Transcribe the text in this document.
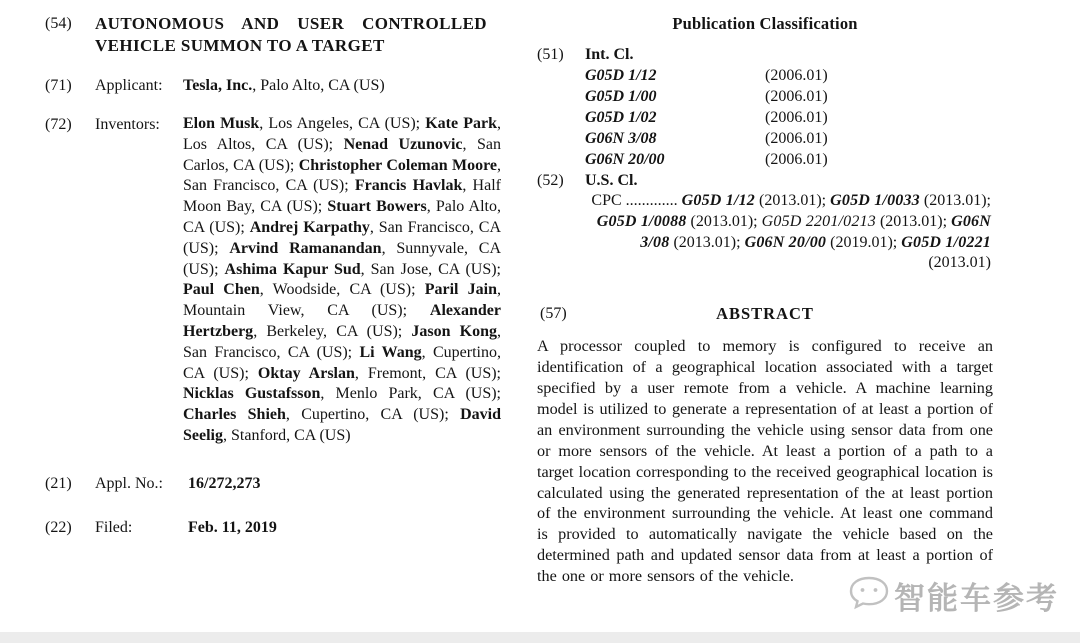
(54)	AUTONOMOUS AND USER CONTROLLED VEHICLE SUMMON TO A TARGET
(71)	Applicant:	Tesla, Inc., Palo Alto, CA (US)
(72)	Inventors:	Elon Musk, Los Angeles, CA (US); Kate Park, Los Altos, CA (US); Nenad Uzunovic, San Carlos, CA (US); Christopher Coleman Moore, San Francisco, CA (US); Francis Havlak, Half Moon Bay, CA (US); Stuart Bowers, Palo Alto, CA (US); Andrej Karpathy, San Francisco, CA (US); Arvind Ramanandan, Sunnyvale, CA (US); Ashima Kapur Sud, San Jose, CA (US); Paul Chen, Woodside, CA (US); Paril Jain, Mountain View, CA (US); Alexander Hertzberg, Berkeley, CA (US); Jason Kong, San Francisco, CA (US); Li Wang, Cupertino, CA (US); Oktay Arslan, Fremont, CA (US); Nicklas Gustafsson, Menlo Park, CA (US); Charles Shieh, Cupertino, CA (US); David Seelig, Stanford, CA (US)
(21)	Appl. No.:	16/272,273
(22)	Filed:	Feb. 11, 2019
Publication Classification
(51)	Int. Cl.
G05D 1/12	(2006.01)
G05D 1/00	(2006.01)
G05D 1/02	(2006.01)
G06N 3/08	(2006.01)
G06N 20/00	(2006.01)
(52)	U.S. Cl.
CPC ............. G05D 1/12 (2013.01); G05D 1/0033 (2013.01); G05D 1/0088 (2013.01); G05D 2201/0213 (2013.01); G06N 3/08 (2013.01); G06N 20/00 (2019.01); G05D 1/0221 (2013.01)
(57)	ABSTRACT
A processor coupled to memory is configured to receive an identification of a geographical location associated with a target specified by a user remote from a vehicle. A machine learning model is utilized to generate a representation of at least a portion of an environment surrounding the vehicle using sensor data from one or more sensors of the vehicle. At least a portion of a path to a target location corresponding to the received geographical location is calculated using the generated representation of the at least portion of the environment surrounding the vehicle. At least one command is provided to automatically navigate the vehicle based on the determined path and updated sensor data from at least a portion of the one or more sensors of the vehicle.
智能车参考
